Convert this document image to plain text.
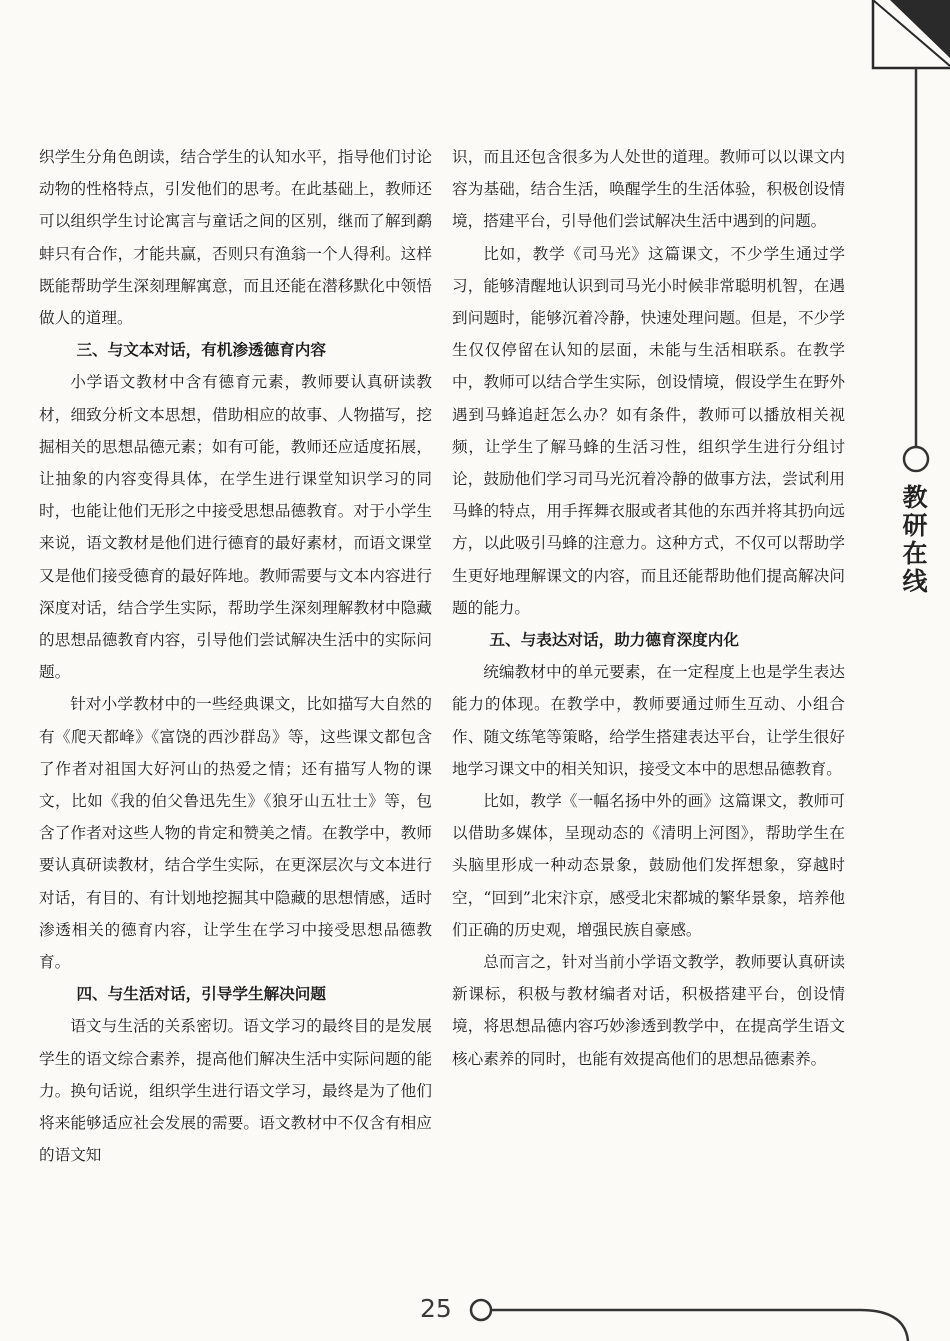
教研在线

织学生分角色朗读，结合学生的认知水平，指导他们讨论动物的性格特点，引发他们的思考。在此基础上，教师还可以组织学生讨论寓言与童话之间的区别，继而了解到鹬蚌只有合作，才能共赢，否则只有渔翁一个人得利。这样既能帮助学生深刻理解寓意，而且还能在潜移默化中领悟做人的道理。

三、与文本对话，有机渗透德育内容

小学语文教材中含有德育元素，教师要认真研读教材，细致分析文本思想，借助相应的故事、人物描写，挖掘相关的思想品德元素；如有可能，教师还应适度拓展，让抽象的内容变得具体，在学生进行课堂知识学习的同时，也能让他们无形之中接受思想品德教育。对于小学生来说，语文教材是他们进行德育的最好素材，而语文课堂又是他们接受德育的最好阵地。教师需要与文本内容进行深度对话，结合学生实际，帮助学生深刻理解教材中隐藏的思想品德教育内容，引导他们尝试解决生活中的实际问题。

针对小学教材中的一些经典课文，比如描写大自然的有《爬天都峰》《富饶的西沙群岛》等，这些课文都包含了作者对祖国大好河山的热爱之情；还有描写人物的课文，比如《我的伯父鲁迅先生》《狼牙山五壮士》等，包含了作者对这些人物的肯定和赞美之情。在教学中，教师要认真研读教材，结合学生实际，在更深层次与文本进行对话，有目的、有计划地挖掘其中隐藏的思想情感，适时渗透相关的德育内容，让学生在学习中接受思想品德教育。

四、与生活对话，引导学生解决问题

语文与生活的关系密切。语文学习的最终目的是发展学生的语文综合素养，提高他们解决生活中实际问题的能力。换句话说，组织学生进行语文学习，最终是为了他们将来能够适应社会发展的需要。语文教材中不仅含有相应的语文知

识，而且还包含很多为人处世的道理。教师可以以课文内容为基础，结合生活，唤醒学生的生活体验，积极创设情境，搭建平台，引导他们尝试解决生活中遇到的问题。

比如，教学《司马光》这篇课文，不少学生通过学习，能够清醒地认识到司马光小时候非常聪明机智，在遇到问题时，能够沉着冷静，快速处理问题。但是，不少学生仅仅停留在认知的层面，未能与生活相联系。在教学中，教师可以结合学生实际，创设情境，假设学生在野外遇到马蜂追赶怎么办？如有条件，教师可以播放相关视频，让学生了解马蜂的生活习性，组织学生进行分组讨论，鼓励他们学习司马光沉着冷静的做事方法，尝试利用马蜂的特点，用手挥舞衣服或者其他的东西并将其扔向远方，以此吸引马蜂的注意力。这种方式，不仅可以帮助学生更好地理解课文的内容，而且还能帮助他们提高解决问题的能力。

五、与表达对话，助力德育深度内化

统编教材中的单元要素，在一定程度上也是学生表达能力的体现。在教学中，教师要通过师生互动、小组合作、随文练笔等策略，给学生搭建表达平台，让学生很好地学习课文中的相关知识，接受文本中的思想品德教育。

比如，教学《一幅名扬中外的画》这篇课文，教师可以借助多媒体，呈现动态的《清明上河图》，帮助学生在头脑里形成一种动态景象，鼓励他们发挥想象，穿越时空，“回到”北宋汴京，感受北宋都城的繁华景象，培养他们正确的历史观，增强民族自豪感。

总而言之，针对当前小学语文教学，教师要认真研读新课标，积极与教材编者对话，积极搭建平台，创设情境，将思想品德内容巧妙渗透到教学中，在提高学生语文核心素养的同时，也能有效提高他们的思想品德素养。

25
